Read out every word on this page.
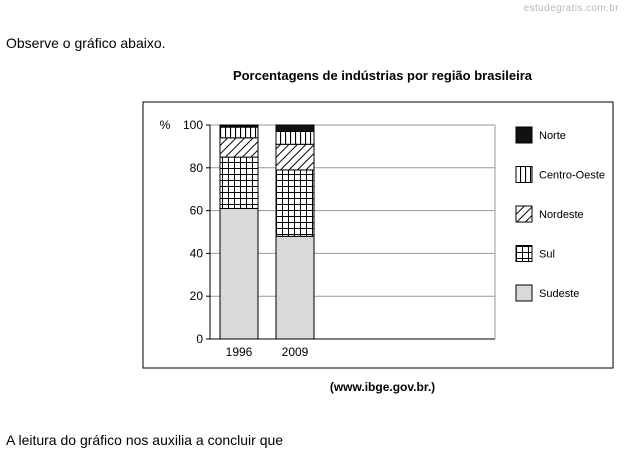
estudegratis.com.br
Observe o gráfico abaixo.
Porcentagens de indústrias por região brasileira
0
20
40
60
80
100
1996 2009
Norte
Centro-Oeste
Nordeste
Sul
Sudeste
%
(www.ibge.gov.br.)
A leitura do gráfico nos auxilia a concluir que
